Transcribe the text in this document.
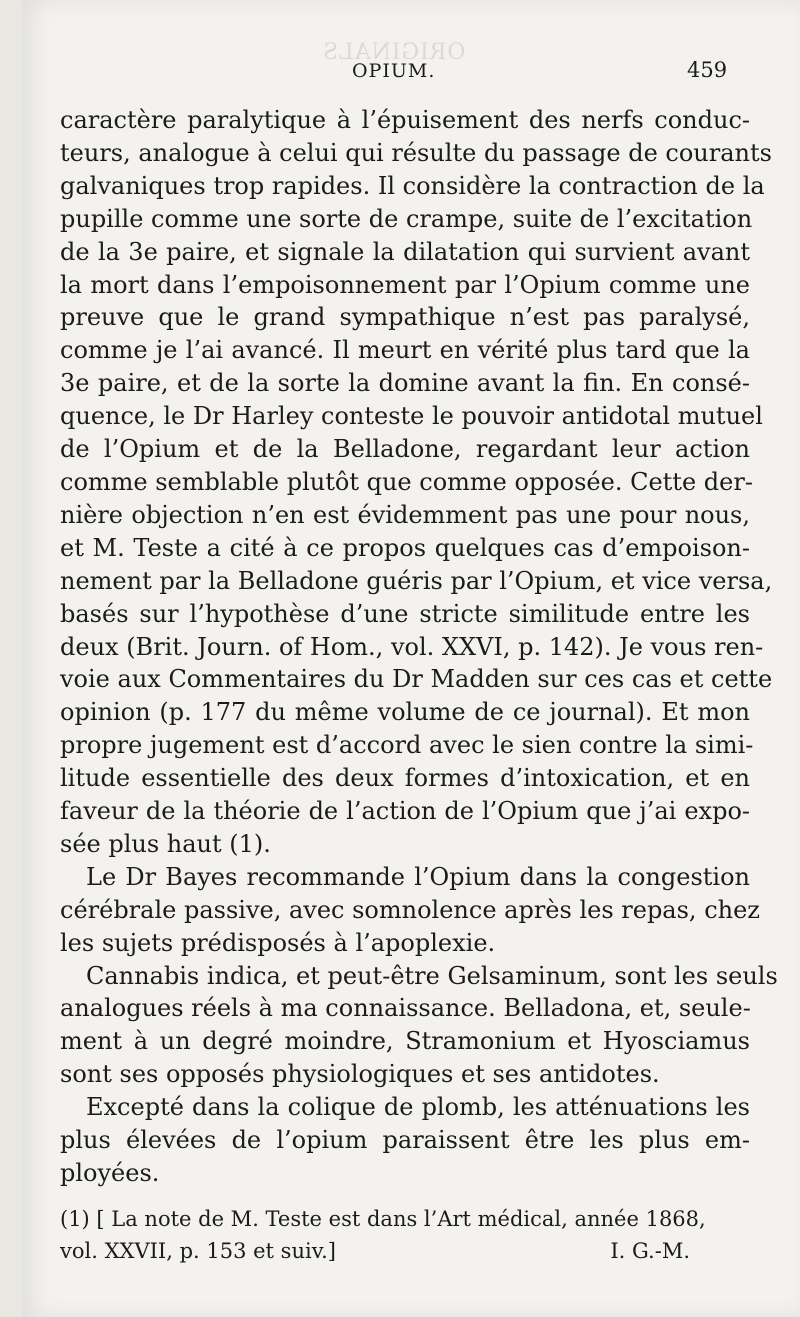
ORIGINALS
OPIUM.	459
caractère paralytique à l’épuisement des nerfs conduc-
teurs, analogue à celui qui résulte du passage de courants
galvaniques trop rapides. Il considère la contraction de la
pupille comme une sorte de crampe, suite de l’excitation
de la 3e paire, et signale la dilatation qui survient avant
la mort dans l’empoisonnement par l’Opium comme une
preuve que le grand sympathique n’est pas paralysé,
comme je l’ai avancé. Il meurt en vérité plus tard que la
3e paire, et de la sorte la domine avant la fin. En consé-
quence, le Dr Harley conteste le pouvoir antidotal mutuel
de l’Opium et de la Belladone, regardant leur action
comme semblable plutôt que comme opposée. Cette der-
nière objection n’en est évidemment pas une pour nous,
et M. Teste a cité à ce propos quelques cas d’empoison-
nement par la Belladone guéris par l’Opium, et vice versa,
basés sur l’hypothèse d’une stricte similitude entre les
deux (Brit. Journ. of Hom., vol. XXVI, p. 142). Je vous ren-
voie aux Commentaires du Dr Madden sur ces cas et cette
opinion (p. 177 du même volume de ce journal). Et mon
propre jugement est d’accord avec le sien contre la simi-
litude essentielle des deux formes d’intoxication, et en
faveur de la théorie de l’action de l’Opium que j’ai expo-
sée plus haut (1).
Le Dr Bayes recommande l’Opium dans la congestion
cérébrale passive, avec somnolence après les repas, chez
les sujets prédisposés à l’apoplexie.
Cannabis indica, et peut-être Gelsaminum, sont les seuls
analogues réels à ma connaissance. Belladona, et, seule-
ment à un degré moindre, Stramonium et Hyosciamus
sont ses opposés physiologiques et ses antidotes.
Excepté dans la colique de plomb, les atténuations les
plus élevées de l’opium paraissent être les plus em-
ployées.
(1) [ La note de M. Teste est dans l’Art médical, année 1868,
vol. XXVII, p. 153 et suiv.]	I. G.-M.
